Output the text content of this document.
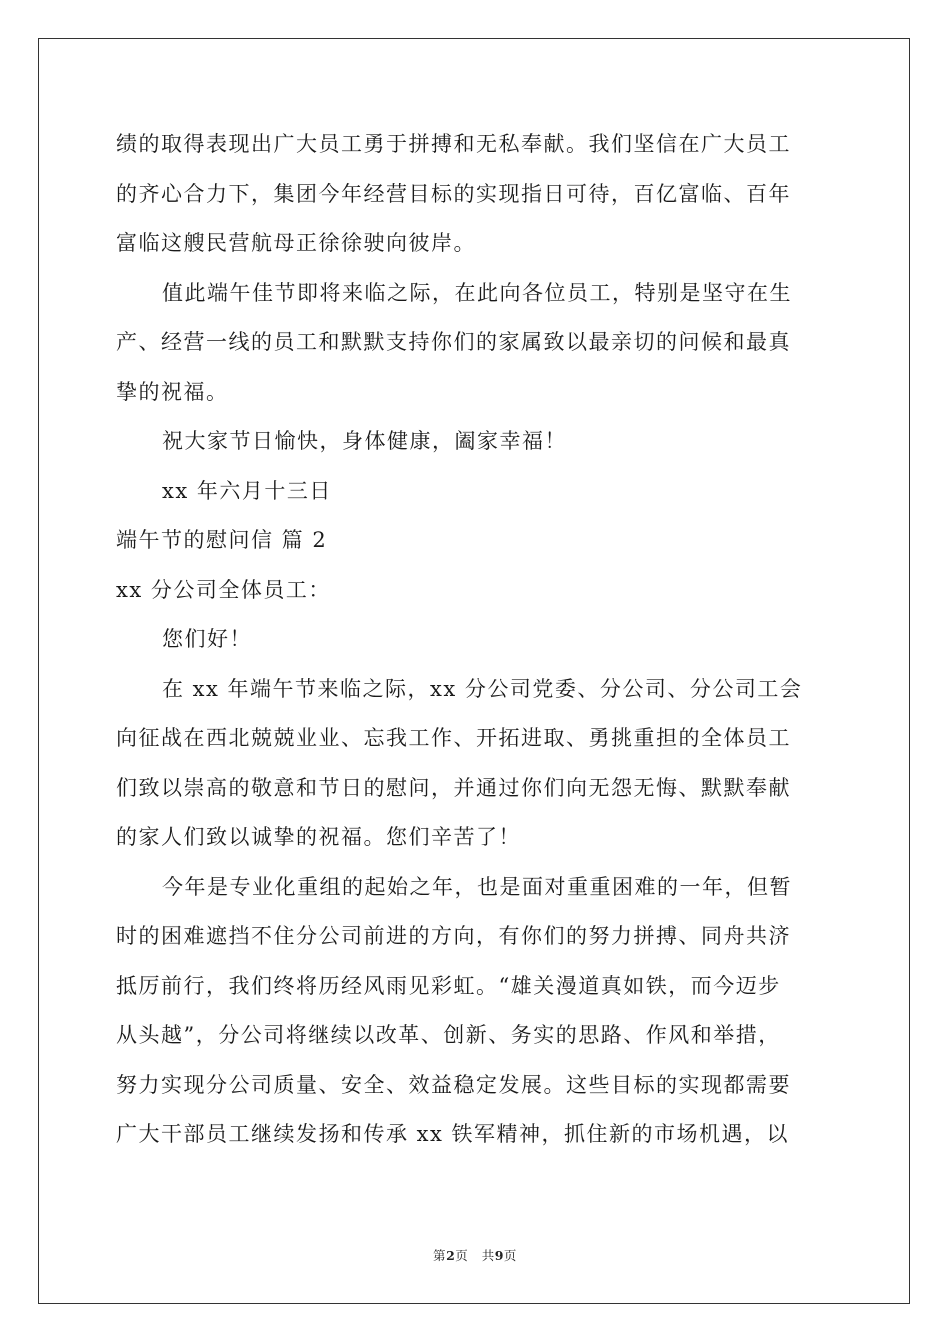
绩的取得表现出广大员工勇于拼搏和无私奉献。我们坚信在广大员工
的齐心合力下，集团今年经营目标的实现指日可待，百亿富临、百年
富临这艘民营航母正徐徐驶向彼岸。
值此端午佳节即将来临之际，在此向各位员工，特别是坚守在生
产、经营一线的员工和默默支持你们的家属致以最亲切的问候和最真
挚的祝福。
祝大家节日愉快，身体健康，阖家幸福！
xx 年六月十三日
端午节的慰问信 篇 2
xx 分公司全体员工：
您们好！
在 xx 年端午节来临之际，xx 分公司党委、分公司、分公司工会
向征战在西北兢兢业业、忘我工作、开拓进取、勇挑重担的全体员工
们致以崇高的敬意和节日的慰问，并通过你们向无怨无悔、默默奉献
的家人们致以诚挚的祝福。您们辛苦了！
今年是专业化重组的起始之年，也是面对重重困难的一年，但暂
时的困难遮挡不住分公司前进的方向，有你们的努力拼搏、同舟共济
抵厉前行，我们终将历经风雨见彩虹。“雄关漫道真如铁，而今迈步
从头越”，分公司将继续以改革、创新、务实的思路、作风和举措，
努力实现分公司质量、安全、效益稳定发展。这些目标的实现都需要
广大干部员工继续发扬和传承 xx 铁军精神，抓住新的市场机遇，以
第2页 共9页
